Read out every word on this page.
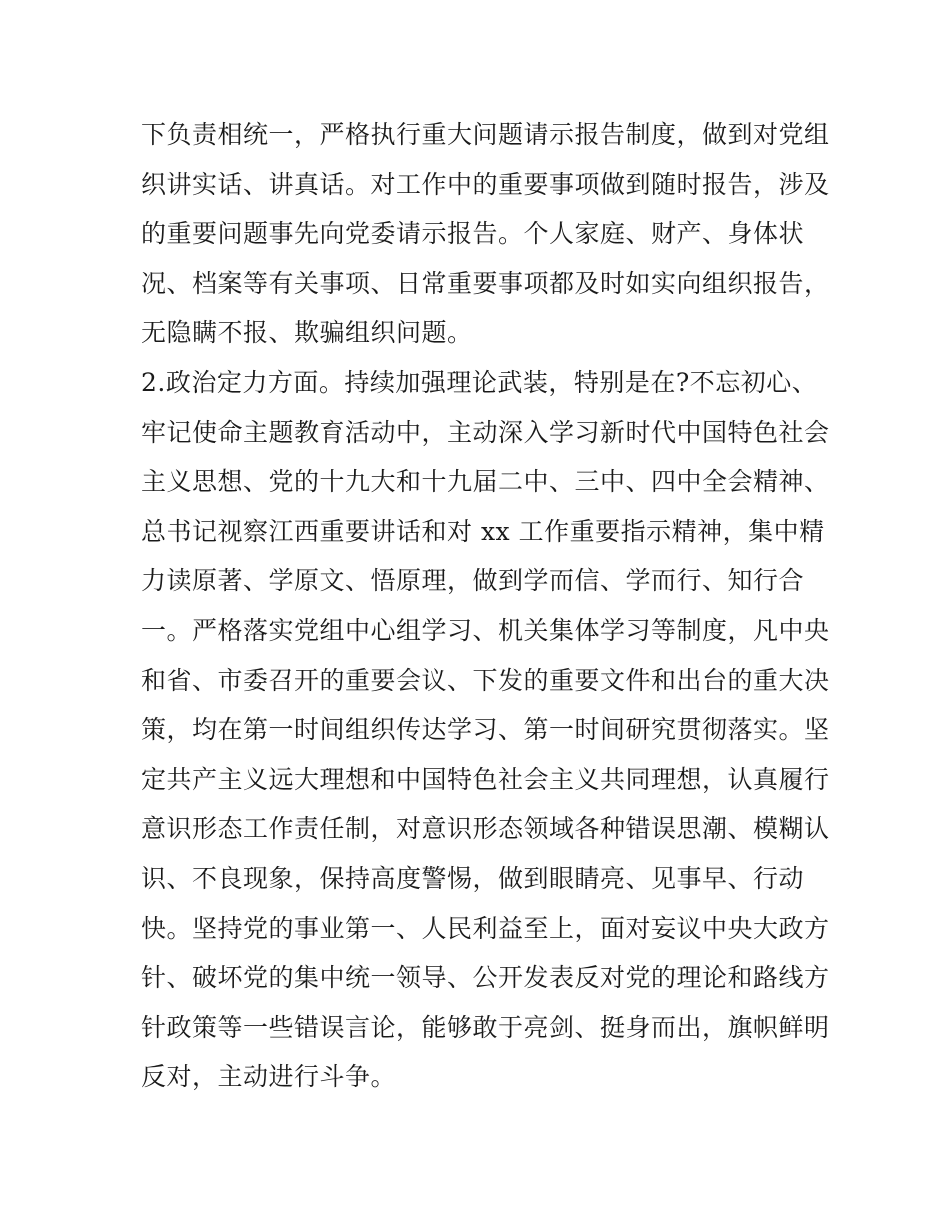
下负责相统一，严格执行重大问题请示报告制度，做到对党组
织讲实话、讲真话。对工作中的重要事项做到随时报告，涉及
的重要问题事先向党委请示报告。个人家庭、财产、身体状
况、档案等有关事项、日常重要事项都及时如实向组织报告，
无隐瞒不报、欺骗组织问题。
2.政治定力方面。持续加强理论武装，特别是在?不忘初心、
牢记使命主题教育活动中，主动深入学习新时代中国特色社会
主义思想、党的十九大和十九届二中、三中、四中全会精神、
总书记视察江西重要讲话和对 xx 工作重要指示精神，集中精
力读原著、学原文、悟原理，做到学而信、学而行、知行合
一。严格落实党组中心组学习、机关集体学习等制度，凡中央
和省、市委召开的重要会议、下发的重要文件和出台的重大决
策，均在第一时间组织传达学习、第一时间研究贯彻落实。坚
定共产主义远大理想和中国特色社会主义共同理想，认真履行
意识形态工作责任制，对意识形态领域各种错误思潮、模糊认
识、不良现象，保持高度警惕，做到眼睛亮、见事早、行动
快。坚持党的事业第一、人民利益至上，面对妄议中央大政方
针、破坏党的集中统一领导、公开发表反对党的理论和路线方
针政策等一些错误言论，能够敢于亮剑、挺身而出，旗帜鲜明
反对，主动进行斗争。
